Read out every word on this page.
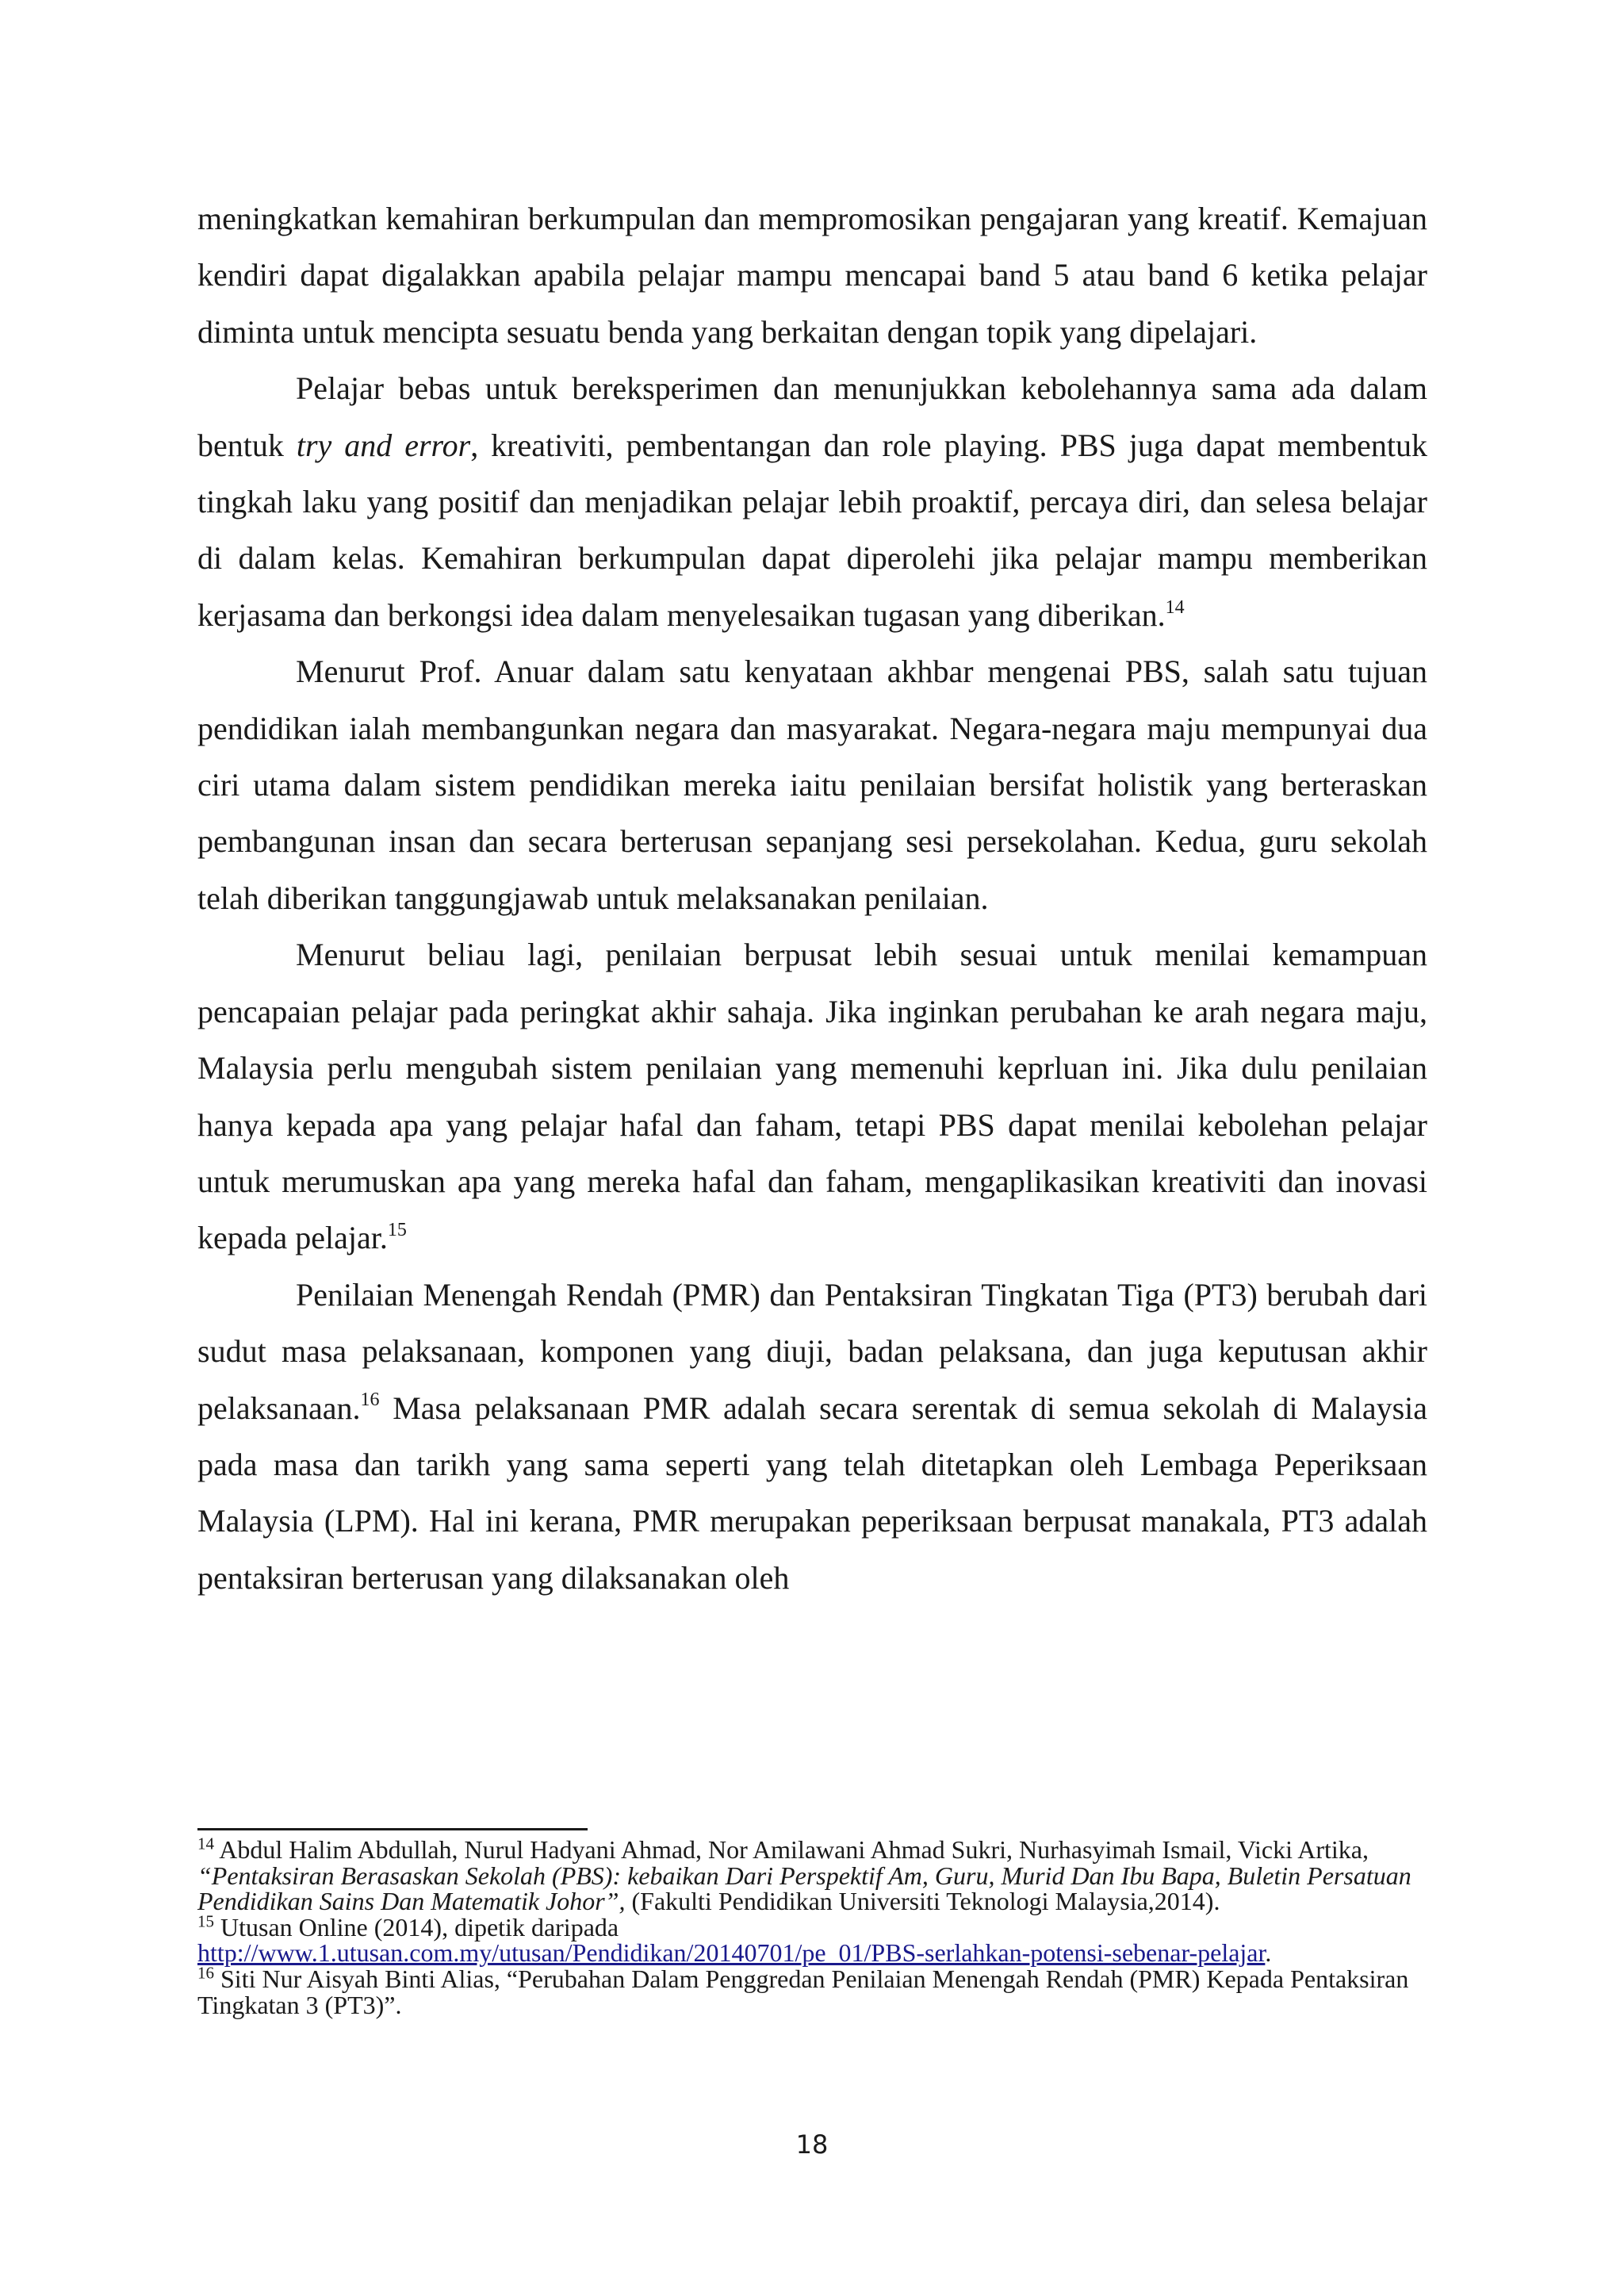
meningkatkan kemahiran berkumpulan dan mempromosikan pengajaran yang kreatif. Kemajuan kendiri dapat digalakkan apabila pelajar mampu mencapai band 5 atau band 6 ketika pelajar diminta untuk mencipta sesuatu benda yang berkaitan dengan topik yang dipelajari.

Pelajar bebas untuk bereksperimen dan menunjukkan kebolehannya sama ada dalam bentuk try and error, kreativiti, pembentangan dan role playing. PBS juga dapat membentuk tingkah laku yang positif dan menjadikan pelajar lebih proaktif, percaya diri, dan selesa belajar di dalam kelas. Kemahiran berkumpulan dapat diperolehi jika pelajar mampu memberikan kerjasama dan berkongsi idea dalam menyelesaikan tugasan yang diberikan.$^{14}$

Menurut Prof. Anuar dalam satu kenyataan akhbar mengenai PBS, salah satu tujuan pendidikan ialah membangunkan negara dan masyarakat. Negara-negara maju mempunyai dua ciri utama dalam sistem pendidikan mereka iaitu penilaian bersifat holistik yang berteraskan pembangunan insan dan secara berterusan sepanjang sesi persekolahan. Kedua, guru sekolah telah diberikan tanggungjawab untuk melaksanakan penilaian.

Menurut beliau lagi, penilaian berpusat lebih sesuai untuk menilai kemampuan pencapaian pelajar pada peringkat akhir sahaja. Jika inginkan perubahan ke arah negara maju, Malaysia perlu mengubah sistem penilaian yang memenuhi keprluan ini. Jika dulu penilaian hanya kepada apa yang pelajar hafal dan faham, tetapi PBS dapat menilai kebolehan pelajar untuk merumuskan apa yang mereka hafal dan faham, mengaplikasikan kreativiti dan inovasi kepada pelajar.$^{15}$

Penilaian Menengah Rendah (PMR) dan Pentaksiran Tingkatan Tiga (PT3) berubah dari sudut masa pelaksanaan, komponen yang diuji, badan pelaksana, dan juga keputusan akhir pelaksanaan.$^{16}$ Masa pelaksanaan PMR adalah secara serentak di semua sekolah di Malaysia pada masa dan tarikh yang sama seperti yang telah ditetapkan oleh Lembaga Peperiksaan Malaysia (LPM). Hal ini kerana, PMR merupakan peperiksaan berpusat manakala, PT3 adalah pentaksiran berterusan yang dilaksanakan oleh

$^{14}$ Abdul Halim Abdullah, Nurul Hadyani Ahmad, Nor Amilawani Ahmad Sukri, Nurhasyimah Ismail, Vicki Artika, “Pentaksiran Berasaskan Sekolah (PBS): kebaikan Dari Perspektif Am, Guru, Murid Dan Ibu Bapa, Buletin Persatuan Pendidikan Sains Dan Matematik Johor”, (Fakulti Pendidikan Universiti Teknologi Malaysia,2014).

$^{15}$ Utusan Online (2014), dipetik daripada
http://www.1.utusan.com.my/utusan/Pendidikan/20140701/pe_01/PBS-serlahkan-potensi-sebenar-pelajar.

$^{16}$ Siti Nur Aisyah Binti Alias, “Perubahan Dalam Penggredan Penilaian Menengah Rendah (PMR) Kepada Pentaksiran Tingkatan 3 (PT3)”.

18
